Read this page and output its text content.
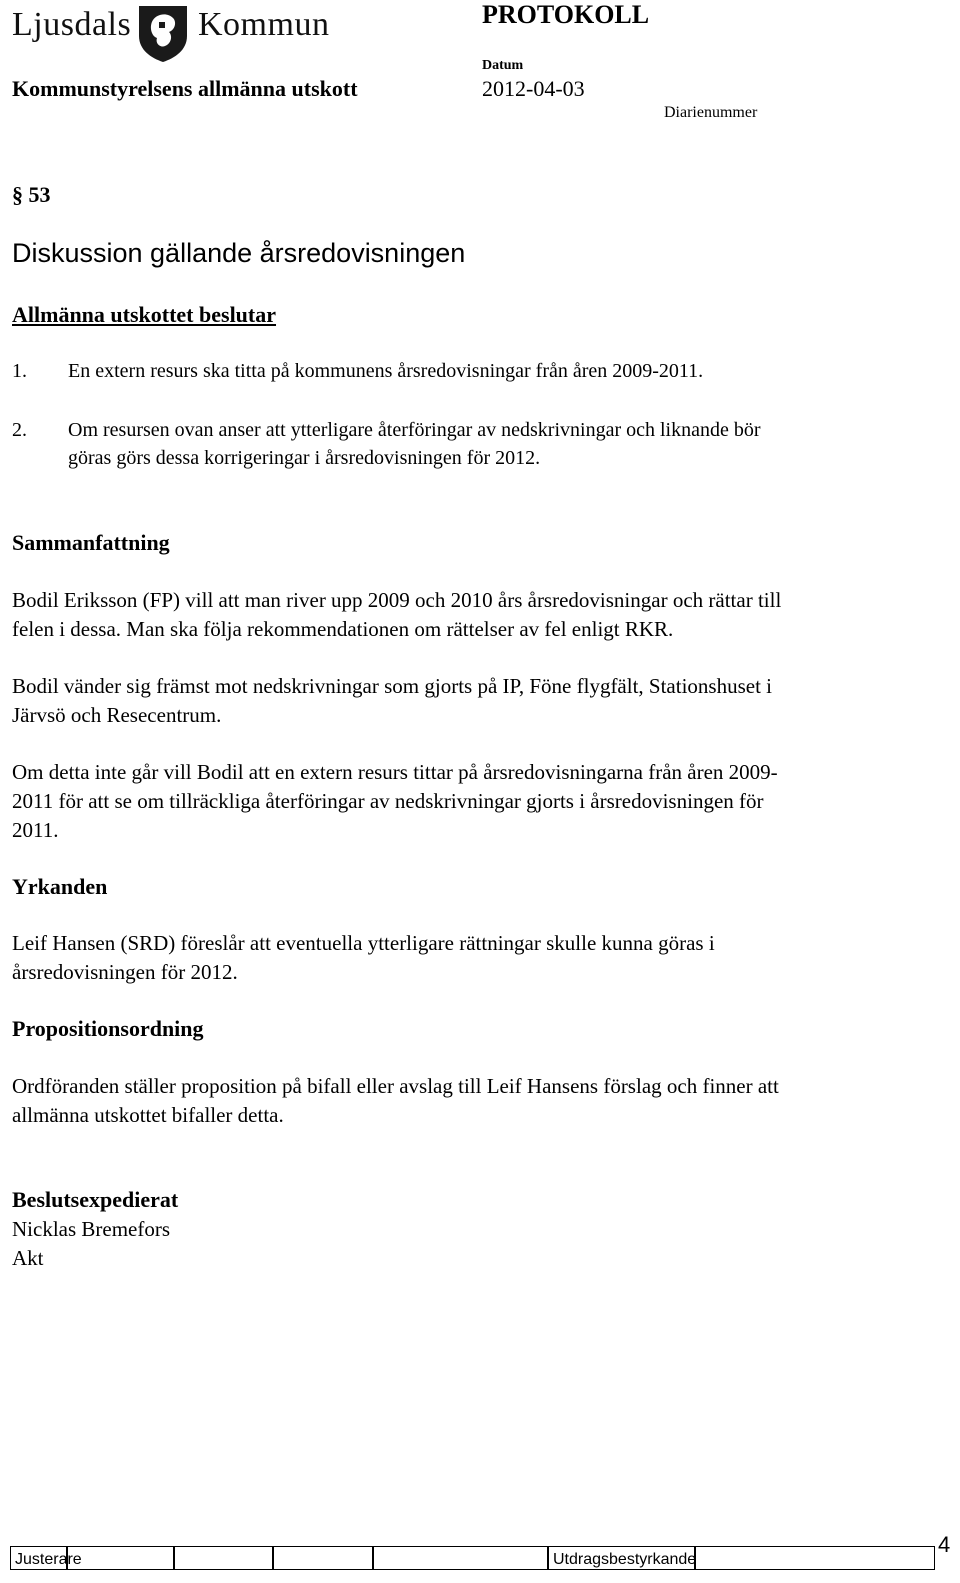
Ljusdals Kommun	PROTOKOLL
Kommunstyrelsens allmänna utskott
Datum
2012-04-03
Diarienummer
§ 53
Diskussion gällande årsredovisningen
Allmänna utskottet beslutar
1. En extern resurs ska titta på kommunens årsredovisningar från åren 2009-2011.
2. Om resursen ovan anser att ytterligare återföringar av nedskrivningar och liknande bör
göras görs dessa korrigeringar i årsredovisningen för 2012.
Sammanfattning
Bodil Eriksson (FP) vill att man river upp 2009 och 2010 års årsredovisningar och rättar till
felen i dessa. Man ska följa rekommendationen om rättelser av fel enligt RKR.
Bodil vänder sig främst mot nedskrivningar som gjorts på IP, Föne flygfält, Stationshuset i
Järvsö och Resecentrum.
Om detta inte går vill Bodil att en extern resurs tittar på årsredovisningarna från åren 2009-
2011 för att se om tillräckliga återföringar av nedskrivningar gjorts i årsredovisningen för
2011.
Yrkanden
Leif Hansen (SRD) föreslår att eventuella ytterligare rättningar skulle kunna göras i
årsredovisningen för 2012.
Propositionsordning
Ordföranden ställer proposition på bifall eller avslag till Leif Hansens förslag och finner att
allmänna utskottet bifaller detta.
Beslutsexpedierat
Nicklas Bremefors
Akt
Justerare	Utdragsbestyrkande
4
